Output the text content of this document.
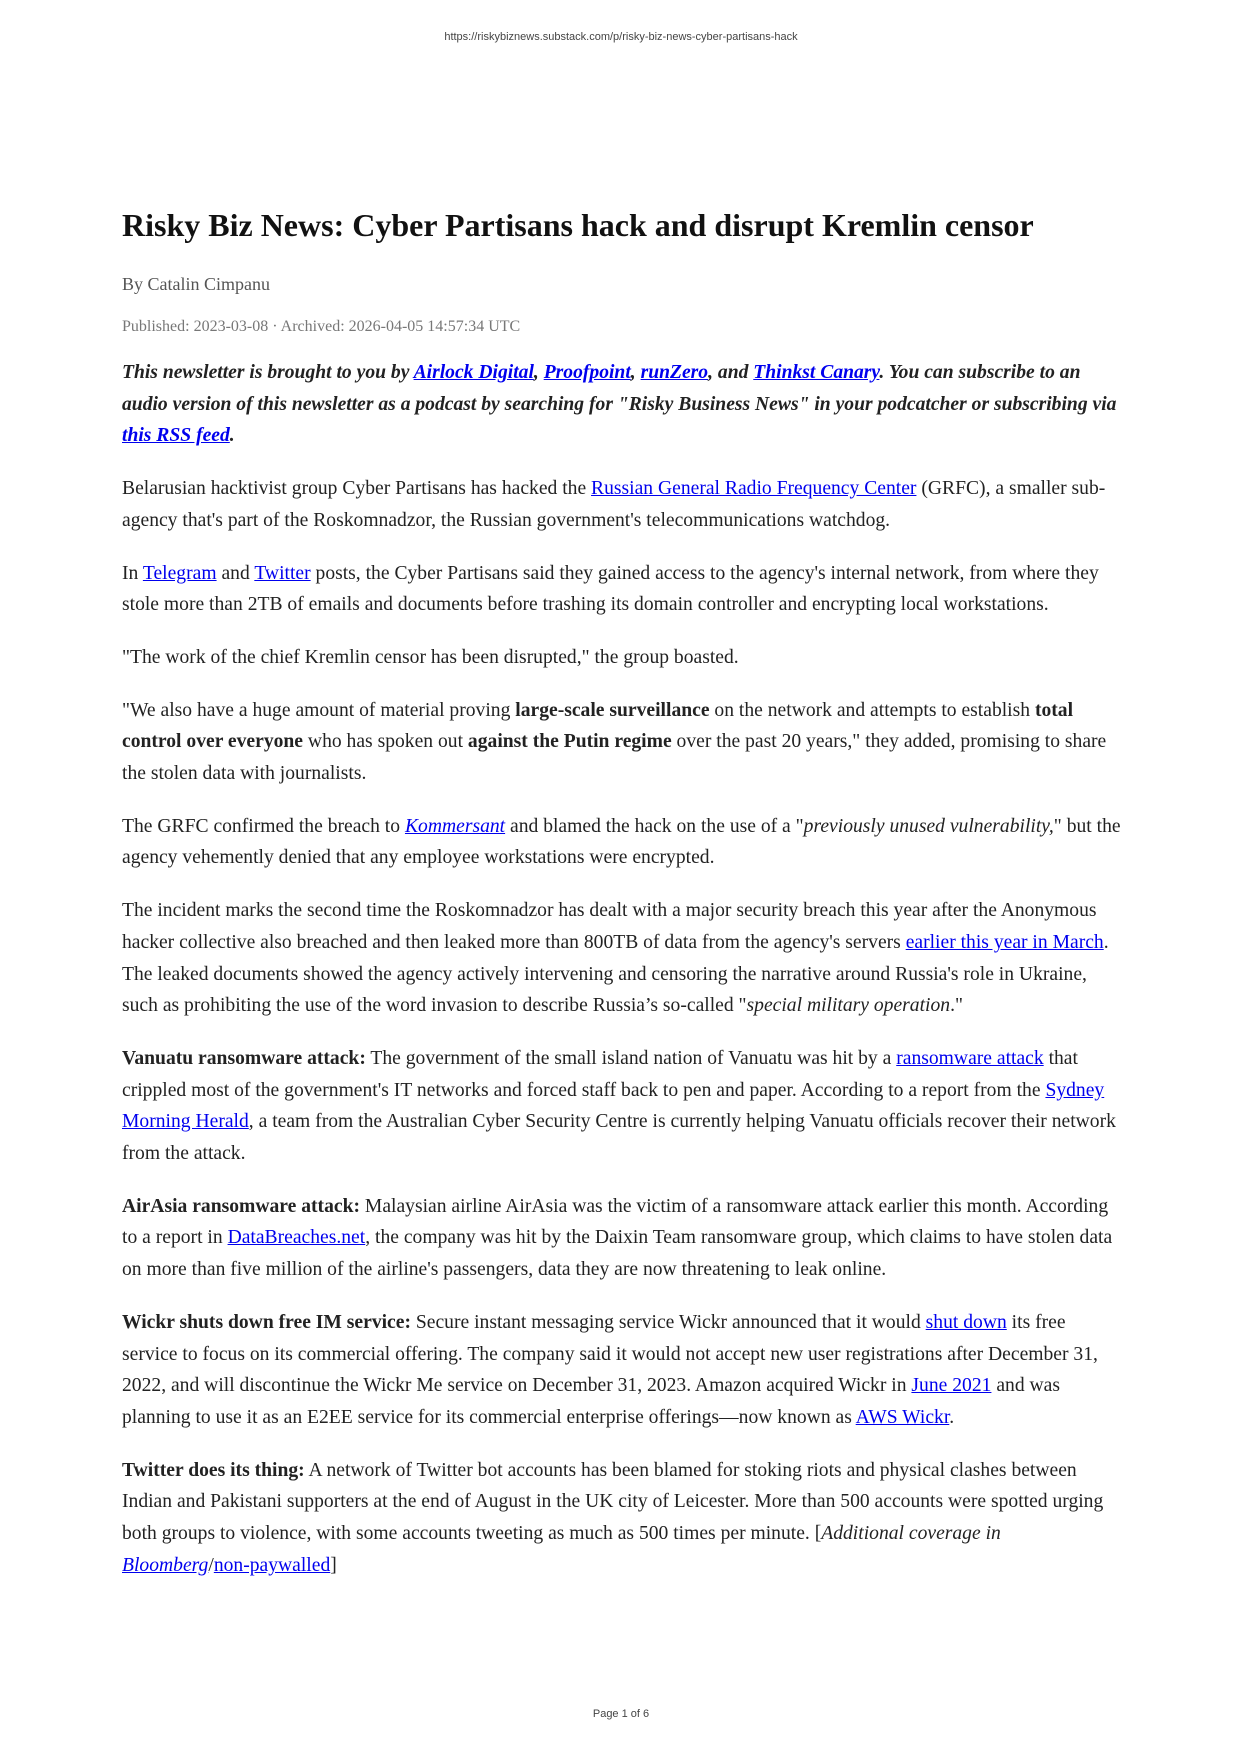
https://riskybiznews.substack.com/p/risky-biz-news-cyber-partisans-hack
Risky Biz News: Cyber Partisans hack and disrupt Kremlin censor
By Catalin Cimpanu
Published: 2023-03-08 · Archived: 2026-04-05 14:57:34 UTC

This newsletter is brought to you by Airlock Digital, Proofpoint, runZero, and Thinkst Canary. You can subscribe to an audio version of this newsletter as a podcast by searching for "Risky Business News" in your podcatcher or subscribing via this RSS feed.

Belarusian hacktivist group Cyber Partisans has hacked the Russian General Radio Frequency Center (GRFC), a smaller sub-agency that's part of the Roskomnadzor, the Russian government's telecommunications watchdog.

In Telegram and Twitter posts, the Cyber Partisans said they gained access to the agency's internal network, from where they stole more than 2TB of emails and documents before trashing its domain controller and encrypting local workstations.

"The work of the chief Kremlin censor has been disrupted," the group boasted.

"We also have a huge amount of material proving large-scale surveillance on the network and attempts to establish total control over everyone who has spoken out against the Putin regime over the past 20 years," they added, promising to share the stolen data with journalists.

The GRFC confirmed the breach to Kommersant and blamed the hack on the use of a "previously unused vulnerability," but the agency vehemently denied that any employee workstations were encrypted.

The incident marks the second time the Roskomnadzor has dealt with a major security breach this year after the Anonymous hacker collective also breached and then leaked more than 800TB of data from the agency's servers earlier this year in March. The leaked documents showed the agency actively intervening and censoring the narrative around Russia's role in Ukraine, such as prohibiting the use of the word invasion to describe Russia’s so-called "special military operation."

Vanuatu ransomware attack: The government of the small island nation of Vanuatu was hit by a ransomware attack that crippled most of the government's IT networks and forced staff back to pen and paper. According to a report from the Sydney Morning Herald, a team from the Australian Cyber Security Centre is currently helping Vanuatu officials recover their network from the attack.

AirAsia ransomware attack: Malaysian airline AirAsia was the victim of a ransomware attack earlier this month. According to a report in DataBreaches.net, the company was hit by the Daixin Team ransomware group, which claims to have stolen data on more than five million of the airline's passengers, data they are now threatening to leak online.

Wickr shuts down free IM service: Secure instant messaging service Wickr announced that it would shut down its free service to focus on its commercial offering. The company said it would not accept new user registrations after December 31, 2022, and will discontinue the Wickr Me service on December 31, 2023. Amazon acquired Wickr in June 2021 and was planning to use it as an E2EE service for its commercial enterprise offerings—now known as AWS Wickr.

Twitter does its thing: A network of Twitter bot accounts has been blamed for stoking riots and physical clashes between Indian and Pakistani supporters at the end of August in the UK city of Leicester. More than 500 accounts were spotted urging both groups to violence, with some accounts tweeting as much as 500 times per minute. [Additional coverage in Bloomberg/non-paywalled]

Page 1 of 6
